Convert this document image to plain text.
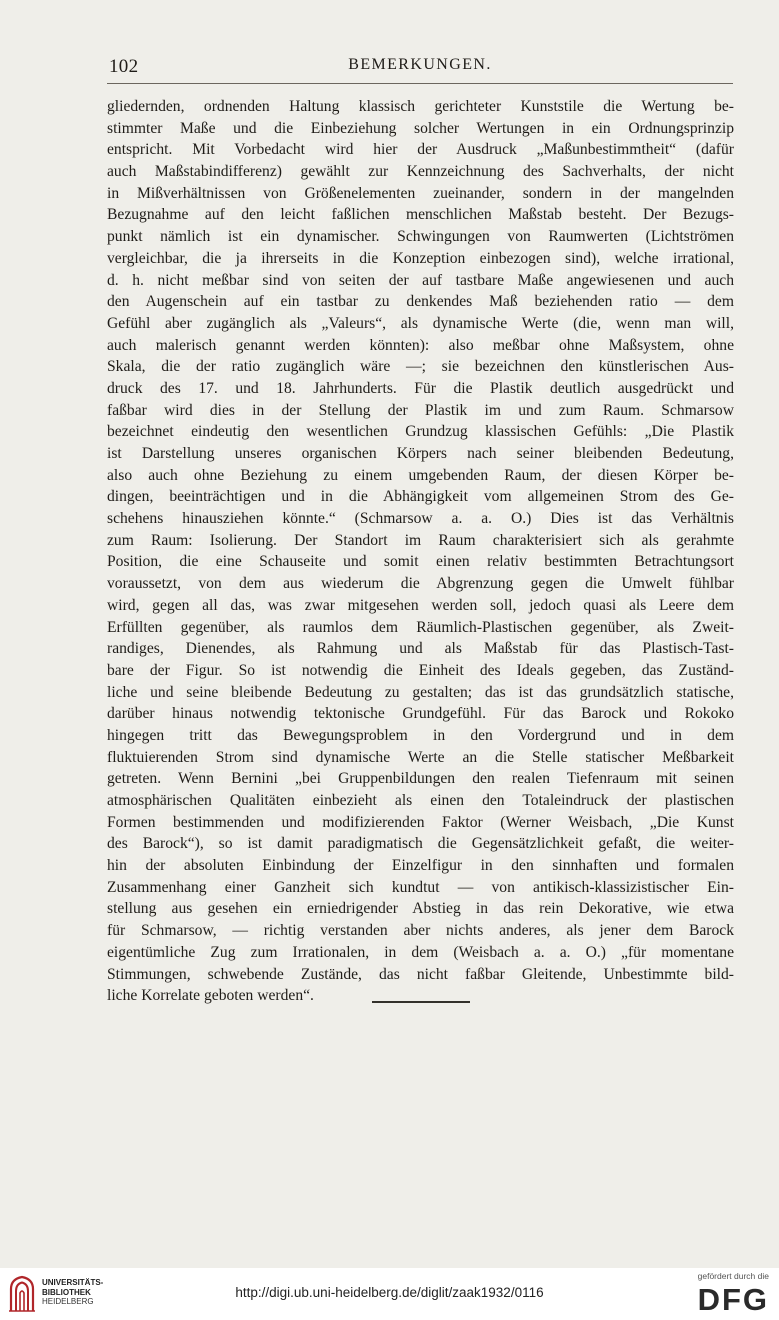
102	BEMERKUNGEN.
gliedernden, ordnenden Haltung klassisch gerichteter Kunststile die Wertung be-
stimmter Maße und die Einbeziehung solcher Wertungen in ein Ordnungsprinzip
entspricht. Mit Vorbedacht wird hier der Ausdruck „Maßunbestimmtheit“ (dafür
auch Maßstabindifferenz) gewählt zur Kennzeichnung des Sachverhalts, der nicht
in Mißverhältnissen von Größenelementen zueinander, sondern in der mangelnden
Bezugnahme auf den leicht faßlichen menschlichen Maßstab besteht. Der Bezugs-
punkt nämlich ist ein dynamischer. Schwingungen von Raumwerten (Lichtströmen
vergleichbar, die ja ihrerseits in die Konzeption einbezogen sind), welche irrational,
d. h. nicht meßbar sind von seiten der auf tastbare Maße angewiesenen und auch
den Augenschein auf ein tastbar zu denkendes Maß beziehenden ratio — dem
Gefühl aber zugänglich als „Valeurs“, als dynamische Werte (die, wenn man will,
auch malerisch genannt werden könnten): also meßbar ohne Maßsystem, ohne
Skala, die der ratio zugänglich wäre —; sie bezeichnen den künstlerischen Aus-
druck des 17. und 18. Jahrhunderts. Für die Plastik deutlich ausgedrückt und
faßbar wird dies in der Stellung der Plastik im und zum Raum. Schmarsow
bezeichnet eindeutig den wesentlichen Grundzug klassischen Gefühls: „Die Plastik
ist Darstellung unseres organischen Körpers nach seiner bleibenden Bedeutung,
also auch ohne Beziehung zu einem umgebenden Raum, der diesen Körper be-
dingen, beeinträchtigen und in die Abhängigkeit vom allgemeinen Strom des Ge-
schehens hinausziehen könnte.“ (Schmarsow a. a. O.) Dies ist das Verhältnis
zum Raum: Isolierung. Der Standort im Raum charakterisiert sich als gerahmte
Position, die eine Schauseite und somit einen relativ bestimmten Betrachtungsort
voraussetzt, von dem aus wiederum die Abgrenzung gegen die Umwelt fühlbar
wird, gegen all das, was zwar mitgesehen werden soll, jedoch quasi als Leere dem
Erfüllten gegenüber, als raumlos dem Räumlich-Plastischen gegenüber, als Zweit-
randiges, Dienendes, als Rahmung und als Maßstab für das Plastisch-Tast-
bare der Figur. So ist notwendig die Einheit des Ideals gegeben, das Zuständ-
liche und seine bleibende Bedeutung zu gestalten; das ist das grundsätzlich statische,
darüber hinaus notwendig tektonische Grundgefühl. Für das Barock und Rokoko
hingegen tritt das Bewegungsproblem in den Vordergrund und in dem
fluktuierenden Strom sind dynamische Werte an die Stelle statischer Meßbarkeit
getreten. Wenn Bernini „bei Gruppenbildungen den realen Tiefenraum mit seinen
atmosphärischen Qualitäten einbezieht als einen den Totaleindruck der plastischen
Formen bestimmenden und modifizierenden Faktor (Werner Weisbach, „Die Kunst
des Barock“), so ist damit paradigmatisch die Gegensätzlichkeit gefaßt, die weiter-
hin der absoluten Einbindung der Einzelfigur in den sinnhaften und formalen
Zusammenhang einer Ganzheit sich kundtut — von antikisch-klassizistischer Ein-
stellung aus gesehen ein erniedrigender Abstieg in das rein Dekorative, wie etwa
für Schmarsow, — richtig verstanden aber nichts anderes, als jener dem Barock
eigentümliche Zug zum Irrationalen, in dem (Weisbach a. a. O.) „für momentane
Stimmungen, schwebende Zustände, das nicht faßbar Gleitende, Unbestimmte bild-
liche Korrelate geboten werden“.
UNIVERSITÄTS-
BIBLIOTHEK
HEIDELBERG
http://digi.ub.uni-heidelberg.de/diglit/zaak1932/0116
gefördert durch die
DFG
